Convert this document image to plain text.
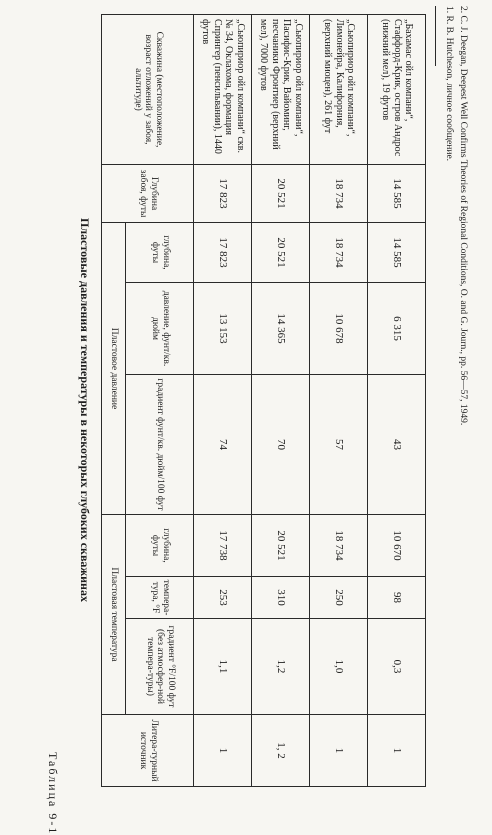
Таблица 9-1
Пластовые давления и температуры в некоторых глубоких скважинах
Скважина (местоположение, возраст отложений у забоя, альтитуде)	Глубина забоя, футы	Пластовое давление			Пластовая температура			Литера-турный источник
		глубина, футы	давление, фунт/кв. дюйм	градиент фунт/кв. дюйм/100 фут	глубина, футы	темпера-тура, °F	градиент °F/100 фут (без атмосфер-ной темпера-туры)	
„Сьюпириор ойл компани“ скв. № 34, Оклахома, формация Спрингер (пенсильвании), 1440 футов	17 823	17 823	13 153	74	17 738	253	1,1	1
„Сьюпириор ойл компани“, Пасифис-Крик, Вайоминг, песчаники Фронтиер (верхний мел), 7000 футов	20 521	20 521	14 365	70	20 521	310	1,2	1, 2
„Сьюпириор ойл компани“, Лимонейра, Калифорния, (верхний миоцен), 261 фут	18 734	18 734	10 678	57	18 734	250	1,0	1
„Бахамас ойл компани“, Стаффорд-Крик, остров Андрос (нижний мел), 19 футов	14 585	14 585	6 315	43	10 670	98	0,3	1
1. R. B. Hutcheson, личное сообщение. 2. C. J. Deegan, Deepest Well Confirms Theories of Regional Conditions, O. and G. Journ., pp. 56—57, 1949.
